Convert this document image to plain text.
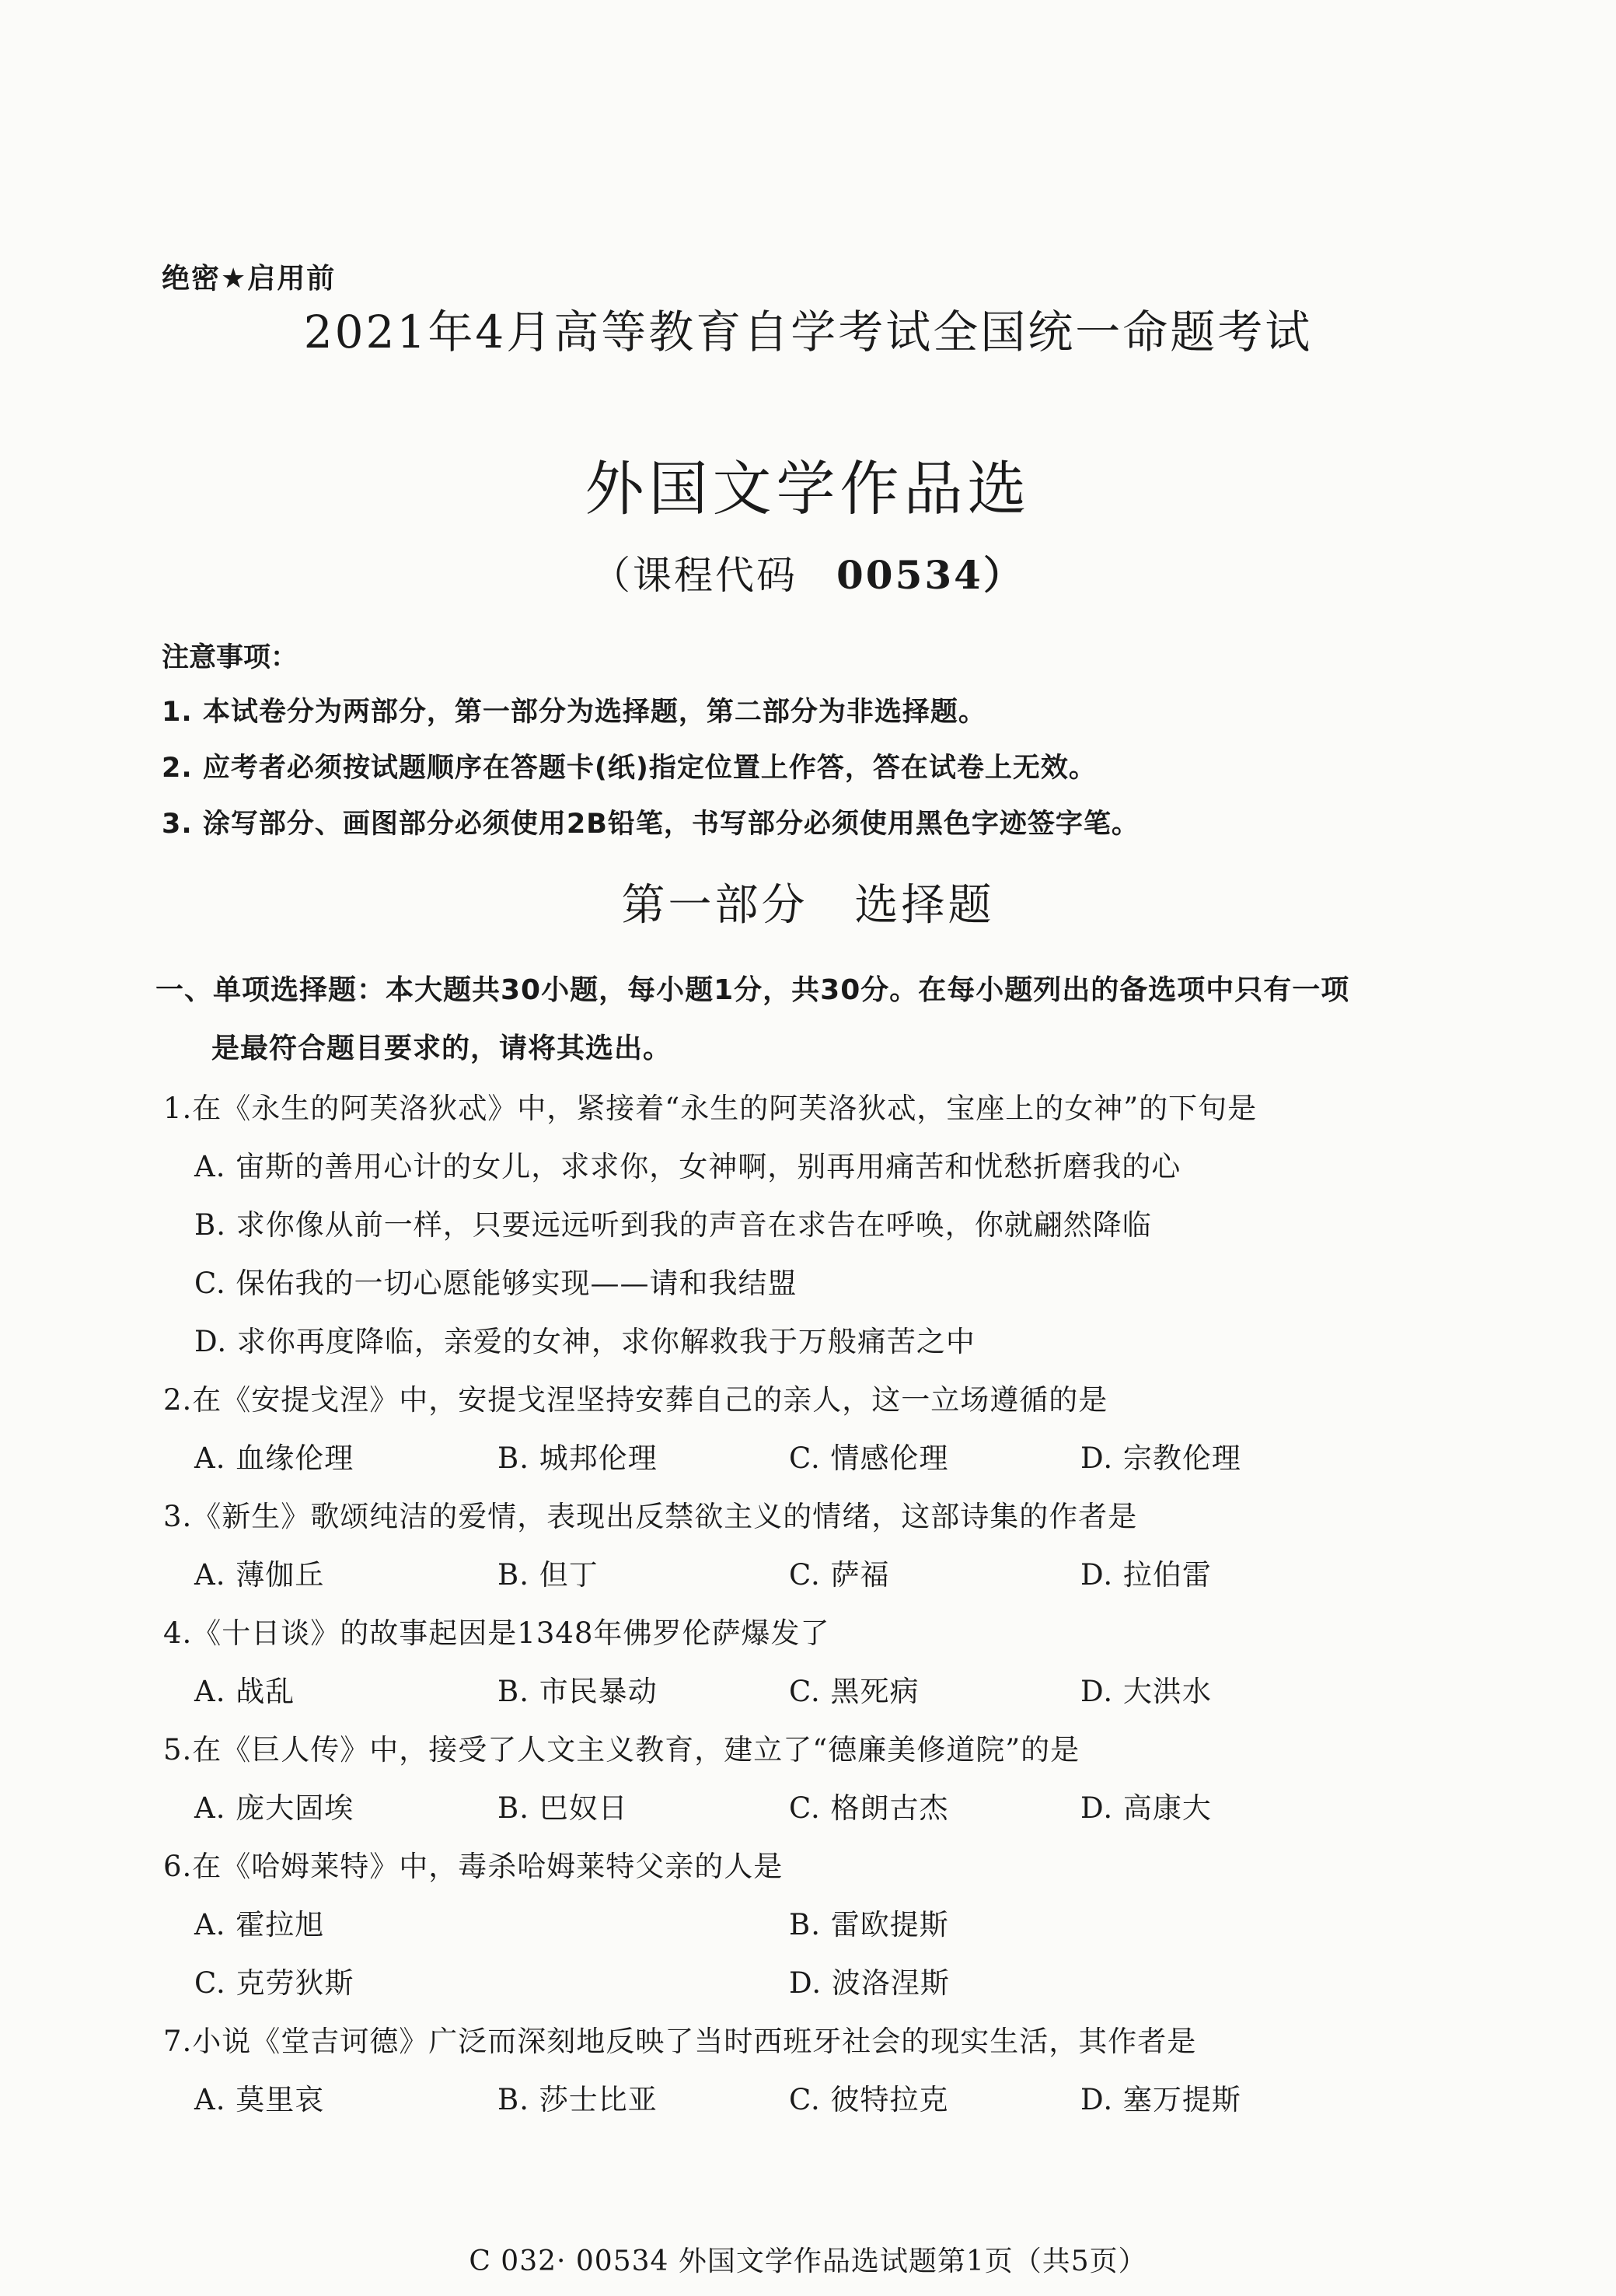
绝密★启用前
2021年4月高等教育自学考试全国统一命题考试
外国文学作品选
（课程代码 00534）
注意事项：
1. 本试卷分为两部分，第一部分为选择题，第二部分为非选择题。
2. 应考者必须按试题顺序在答题卡(纸)指定位置上作答，答在试卷上无效。
3. 涂写部分、画图部分必须使用2B铅笔，书写部分必须使用黑色字迹签字笔。
第一部分 选择题
一、单项选择题：本大题共30小题，每小题1分，共30分。在每小题列出的备选项中只有一项
是最符合题目要求的，请将其选出。
1.在《永生的阿芙洛狄忒》中，紧接着“永生的阿芙洛狄忒，宝座上的女神”的下句是
A. 宙斯的善用心计的女儿，求求你，女神啊，别再用痛苦和忧愁折磨我的心
B. 求你像从前一样，只要远远听到我的声音在求告在呼唤，你就翩然降临
C. 保佑我的一切心愿能够实现——请和我结盟
D. 求你再度降临，亲爱的女神，求你解救我于万般痛苦之中
2.在《安提戈涅》中，安提戈涅坚持安葬自己的亲人，这一立场遵循的是
A. 血缘伦理	B. 城邦伦理	C. 情感伦理	D. 宗教伦理
3.《新生》歌颂纯洁的爱情，表现出反禁欲主义的情绪，这部诗集的作者是
A. 薄伽丘	B. 但丁	C. 萨福	D. 拉伯雷
4.《十日谈》的故事起因是1348年佛罗伦萨爆发了
A. 战乱	B. 市民暴动	C. 黑死病	D. 大洪水
5.在《巨人传》中，接受了人文主义教育，建立了“德廉美修道院”的是
A. 庞大固埃	B. 巴奴日	C. 格朗古杰	D. 高康大
6.在《哈姆莱特》中，毒杀哈姆莱特父亲的人是
A. 霍拉旭	B. 雷欧提斯
C. 克劳狄斯	D. 波洛涅斯
7.小说《堂吉诃德》广泛而深刻地反映了当时西班牙社会的现实生活，其作者是
A. 莫里哀	B. 莎士比亚	C. 彼特拉克	D. 塞万提斯
C 032· 00534 外国文学作品选试题第1页（共5页）
